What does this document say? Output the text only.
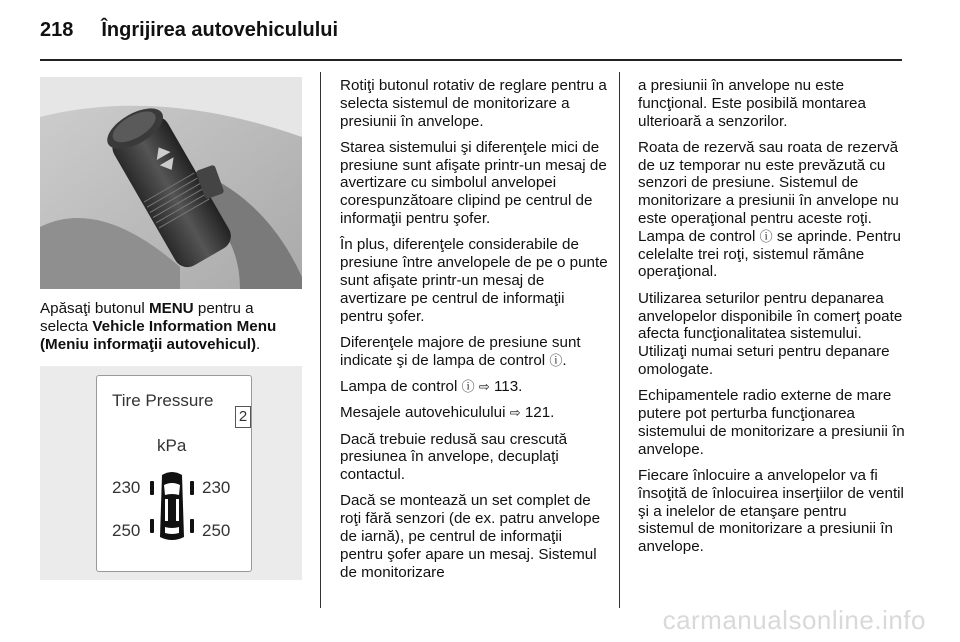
218 Îngrijirea autovehiculului
Apăsaţi butonul MENU pentru a selecta Vehicle Information Menu (Meniu informaţii autovehicul).
Tire Pressure
2
kPa
230	230
250	250

Rotiţi butonul rotativ de reglare pentru a selecta sistemul de monitorizare a presiunii în anvelope.

Starea sistemului şi diferenţele mici de presiune sunt afişate printr-un mesaj de avertizare cu simbolul anvelopei corespunzătoare clipind pe centrul de informaţii pentru şofer.

În plus, diferenţele considerabile de presiune între anvelopele de pe o punte sunt afişate printr-un mesaj de avertizare pe centrul de informaţii pentru şofer.

Diferenţele majore de presiune sunt indicate şi de lampa de control ⓘ.

Lampa de control ⓘ ⇨ 113.

Mesajele autovehiculului ⇨ 121.

Dacă trebuie redusă sau crescută presiunea în anvelope, decuplaţi contactul.

Dacă se montează un set complet de roţi fără senzori (de ex. patru anvelope de iarnă), pe centrul de informaţii pentru şofer apare un mesaj. Sistemul de monitorizare

a presiunii în anvelope nu este funcţional. Este posibilă montarea ulterioară a senzorilor.

Roata de rezervă sau roata de rezervă de uz temporar nu este prevăzută cu senzori de presiune. Sistemul de monitorizare a presiunii în anvelope nu este operaţional pentru aceste roţi. Lampa de control ⓘ se aprinde. Pentru celelalte trei roţi, sistemul rămâne operaţional.

Utilizarea seturilor pentru depanarea anvelopelor disponibile în comerţ poate afecta funcţionalitatea sistemului. Utilizaţi numai seturi pentru depanare omologate.

Echipamentele radio externe de mare putere pot perturba funcţionarea sistemului de monitorizare a presiunii în anvelope.

Fiecare înlocuire a anvelopelor va fi însoţită de înlocuirea inserţiilor de ventil şi a inelelor de etanşare pentru sistemul de monitorizare a presiunii în anvelope.

carmanualsonline.info
